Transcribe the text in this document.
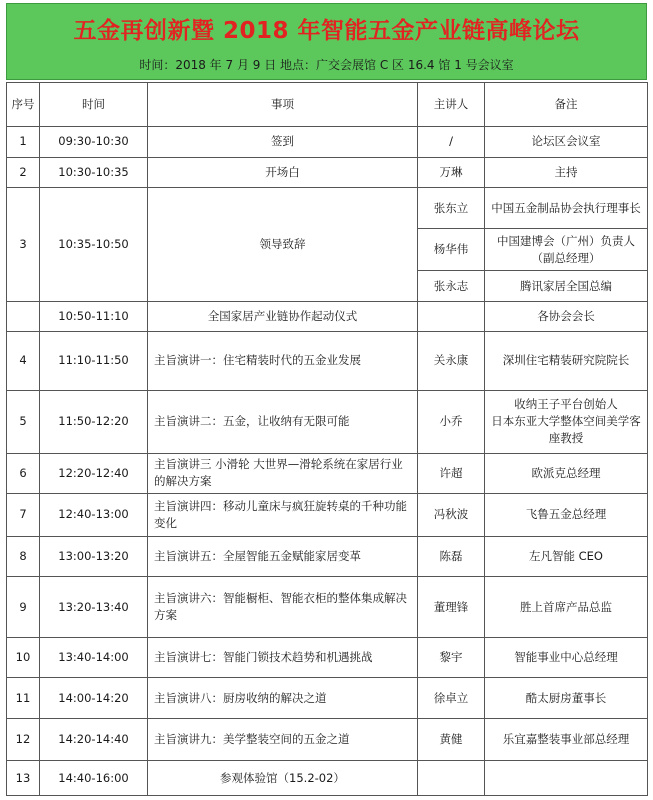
五金再创新暨 2018 年智能五金产业链高峰论坛
时间：2018 年 7 月 9 日 地点：广交会展馆 C 区 16.4 馆 1 号会议室
序号	时间	事项	主讲人	备注
1	09:30-10:30	签到	/	论坛区会议室
2	10:30-10:35	开场白	万琳	主持
3	10:35-10:50	领导致辞	张东立	中国五金制品协会执行理事长
			杨华伟	中国建博会（广州）负责人（副总经理）
			张永志	腾讯家居全国总编
	10:50-11:10	全国家居产业链协作起动仪式		各协会会长
4	11:10-11:50	主旨演讲一：住宅精装时代的五金业发展	关永康	深圳住宅精装研究院院长
5	11:50-12:20	主旨演讲二：五金，让收纳有无限可能	小乔	收纳王子平台创始人
日本东亚大学整体空间美学客座教授

6	12:20-12:40	主旨演讲三 小滑轮 大世界—滑轮系统在家居行业的解决方案	许超	欧派克总经理
7	12:40-13:00	主旨演讲四：移动儿童床与疯狂旋转桌的千种功能变化	冯秋波	飞鲁五金总经理
8	13:00-13:20	主旨演讲五：全屋智能五金赋能家居变革	陈磊	左凡智能 CEO
9	13:20-13:40	主旨演讲六：智能橱柜、智能衣柜的整体集成解决方案	董理锋	胜上首席产品总监
10	13:40-14:00	主旨演讲七：智能门锁技术趋势和机遇挑战	黎宇	智能事业中心总经理
11	14:00-14:20	主旨演讲八：厨房收纳的解决之道	徐卓立	酷太厨房董事长
12	14:20-14:40	主旨演讲九：美学整装空间的五金之道	黄健	乐宜嘉整装事业部总经理
13	14:40-16:00	参观体验馆（15.2-02）		
